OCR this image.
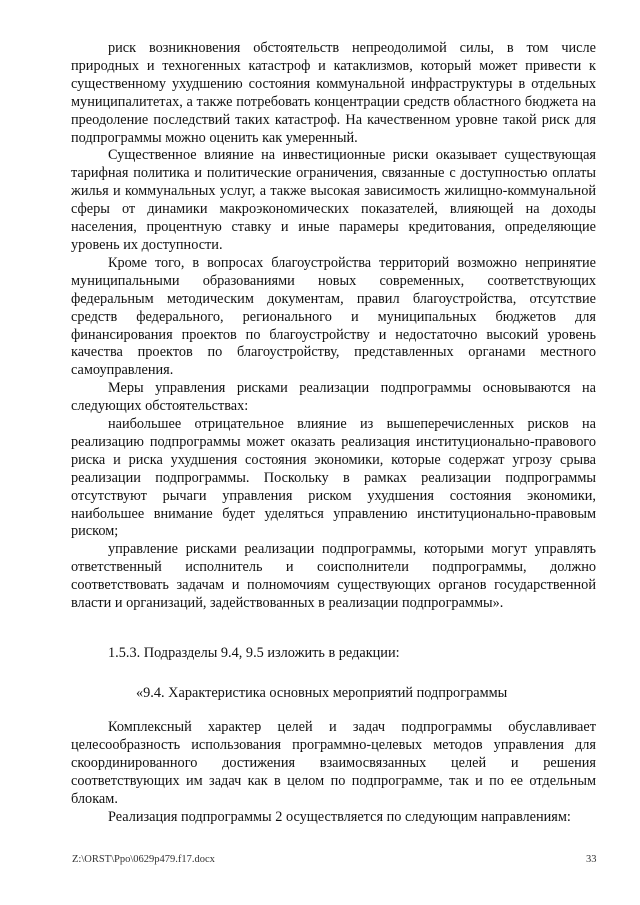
риск возникновения обстоятельств непреодолимой силы, в том числе природных и техногенных катастроф и катаклизмов, который может привести к существенному ухудшению состояния коммунальной инфраструктуры в отдельных муниципалитетах, а также потребовать концентрации средств областного бюджета на преодоление последствий таких катастроф. На качественном уровне такой риск для подпрограммы можно оценить как умеренный.

Существенное влияние на инвестиционные риски оказывает существующая тарифная политика и политические ограничения, связанные с доступностью оплаты жилья и коммунальных услуг, а также высокая зависимость жилищно-коммунальной сферы от динамики макроэкономических показателей, влияющей на доходы населения, процентную ставку и иные парамеры кредитования, определяющие уровень их доступности.

Кроме того, в вопросах благоустройства территорий возможно непринятие муниципальными образованиями новых современных, соответствующих федеральным методическим документам, правил благоустройства, отсутствие средств федерального, регионального и муниципальных бюджетов для финансирования проектов по благоустройству и недостаточно высокий уровень качества проектов по благоустройству, представленных органами местного самоуправления.

Меры управления рисками реализации подпрограммы основываются на следующих обстоятельствах:

наибольшее отрицательное влияние из вышеперечисленных рисков на реализацию подпрограммы может оказать реализация институционально-правового риска и риска ухудшения состояния экономики, которые содержат угрозу срыва реализации подпрограммы. Поскольку в рамках реализации подпрограммы отсутствуют рычаги управления риском ухудшения состояния экономики, наибольшее внимание будет уделяться управлению институционально-правовым риском;

управление рисками реализации подпрограммы, которыми могут управлять ответственный исполнитель и соисполнители подпрограммы, должно соответствовать задачам и полномочиям существующих органов государственной власти и организаций, задействованных в реализации подпрограммы».

1.5.3. Подразделы 9.4, 9.5 изложить в редакции:

«9.4. Характеристика основных мероприятий подпрограммы

Комплексный характер целей и задач подпрограммы обуславливает целесообразность использования программно-целевых методов управления для скоординированного достижения взаимосвязанных целей и решения соответствующих им задач как в целом по подпрограмме, так и по ее отдельным блокам.

Реализация подпрограммы 2 осуществляется по следующим направлениям:

Z:\ORST\Ppo\0629p479.f17.docx	33
